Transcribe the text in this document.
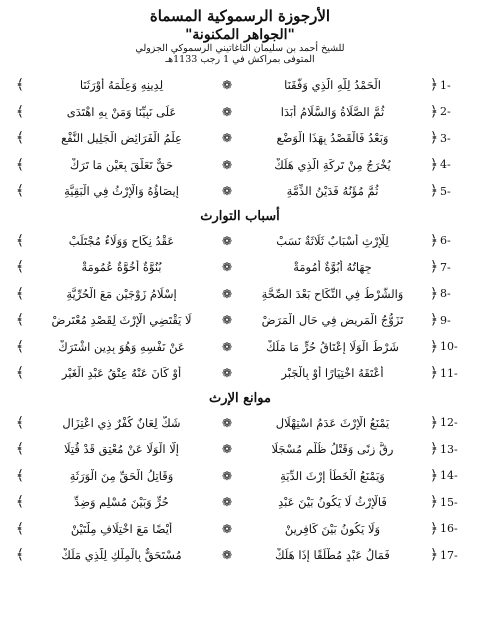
الأرجوزة الرسموكية المسماة
"الجواهر المكنونة"
للشيخ أحمد بن سليمان التاغاتيني الرسموكي الجزولي
المتوفى بمراكش في 1 رجب 1133هـ
1-
﴿
الْحَمْدُ لِلَّهِ الَّذِي وَفَّقَنَا
❁
لِدِينِهِ وَعِلْمَهُ أَوْرَثَنَا
﴾
2-
﴿
ثُمَّ الصَّلَاةُ وَالسَّلَامُ أَبَدَا
❁
عَلَى نَبِيِّنَا وَمَنْ بِهِ اهْتَدَى
﴾
3-
﴿
وَبَعْدُ فَالْقَصْدُ بِهَذَا الْوَضْعِ
❁
عِلْمُ الْفَرَائِضِ الْجَلِيلِ النَّفْعِ
﴾
4-
﴿
يُخْرَجُ مِنْ تَرِكَةِ الَّذِي هَلَكْ
❁
حَقٌّ تَعَلَّقَ بِعَيْنِ مَا تَرَكْ
﴾
5-
﴿
ثُمَّ مُؤَنُهُ فَدَيْنُ الذِّمَّةِ
❁
إِيصَاؤُهُ وَالْإِرْثُ فِي الْبَقِيَّةِ
﴾
أسباب التوارث
6-
﴿
لِلْإِرْثِ أَسْبَابٌ ثَلَاثَةٌ نَسَبْ
❁
عَقْدُ نِكَاحٍ وَوَلَاءٌ مُجْتَلَبْ
﴾
7-
﴿
جِهَاتُهُ أُبُوَّةٌ أُمُومَةْ
❁
بُنُوَّةٌ أُخُوَّةٌ عُمُومَةْ
﴾
8-
﴿
وَالشَّرْطُ فِي النِّكَاحِ بَعْدَ الصِّحَّةِ
❁
إِسْلَامُ زَوْجَيْنِ مَعَ الْحُرِّيَّةِ
﴾
9-
﴿
تَزَوُّجُ الْمَرِيضِ فِي حَالِ الْمَرَضْ
❁
لَا يَقْتَضِي الْإِرْثَ لِقَصْدِ مُعْتَرِضْ
﴾
10-
﴿
شَرْطُ الْوَلَا إِعْتَاقُ حُرٍّ مَا مَلَكْ
❁
عَنْ نَفْسِهِ وَهُوَ بِدِينٍ اشْتَرَكْ
﴾
11-
﴿
أَعْتَقَهُ اخْتِيَارًا أَوْ بِالْجَبْرِ
❁
أَوْ كَانَ عَنْهُ عِتْقُ عَبْدِ الْغَيْرِ
﴾
موانع الإرث
12-
﴿
يَمْنَعُ الْإِرْثَ عَدَمُ اسْتِهْلَالِ
❁
شَكٌّ لِعَانٌ كُفْرٌ ذِي اعْتِزَالِ
﴾
13-
﴿
رِقٌّ زِنًى وَقَتْلُ ظُلْمٍ مُسْجَلَا
❁
إِلَّا الْوَلَا عَنْ مُعْتِقٍ قَدْ قُتِلَا
﴾
14-
﴿
وَيَمْنَعُ الْخَطَأُ إِرْثَ الدِّيَةِ
❁
وَقَاتِلُ الْحَقِّ مِنَ الْوَرَثَةِ
﴾
15-
﴿
فَالْإِرْثُ لَا يَكُونُ بَيْنَ عَبْدِ
❁
حُرٍّ وَبَيْنَ مُسْلِمٍ وَضِدِّ
﴾
16-
﴿
وَلَا يَكُونُ بَيْنَ كَافِرِينْ
❁
أَيْضًا مَعَ اخْتِلَافِ مِلَّتَيْنْ
﴾
17-
﴿
فَمَالُ عَبْدٍ مُطْلَقًا إِذَا هَلَكْ
❁
مُسْتَحَقٌّ بِالْمِلْكِ لِلَّذِي مَلَكْ
﴾
